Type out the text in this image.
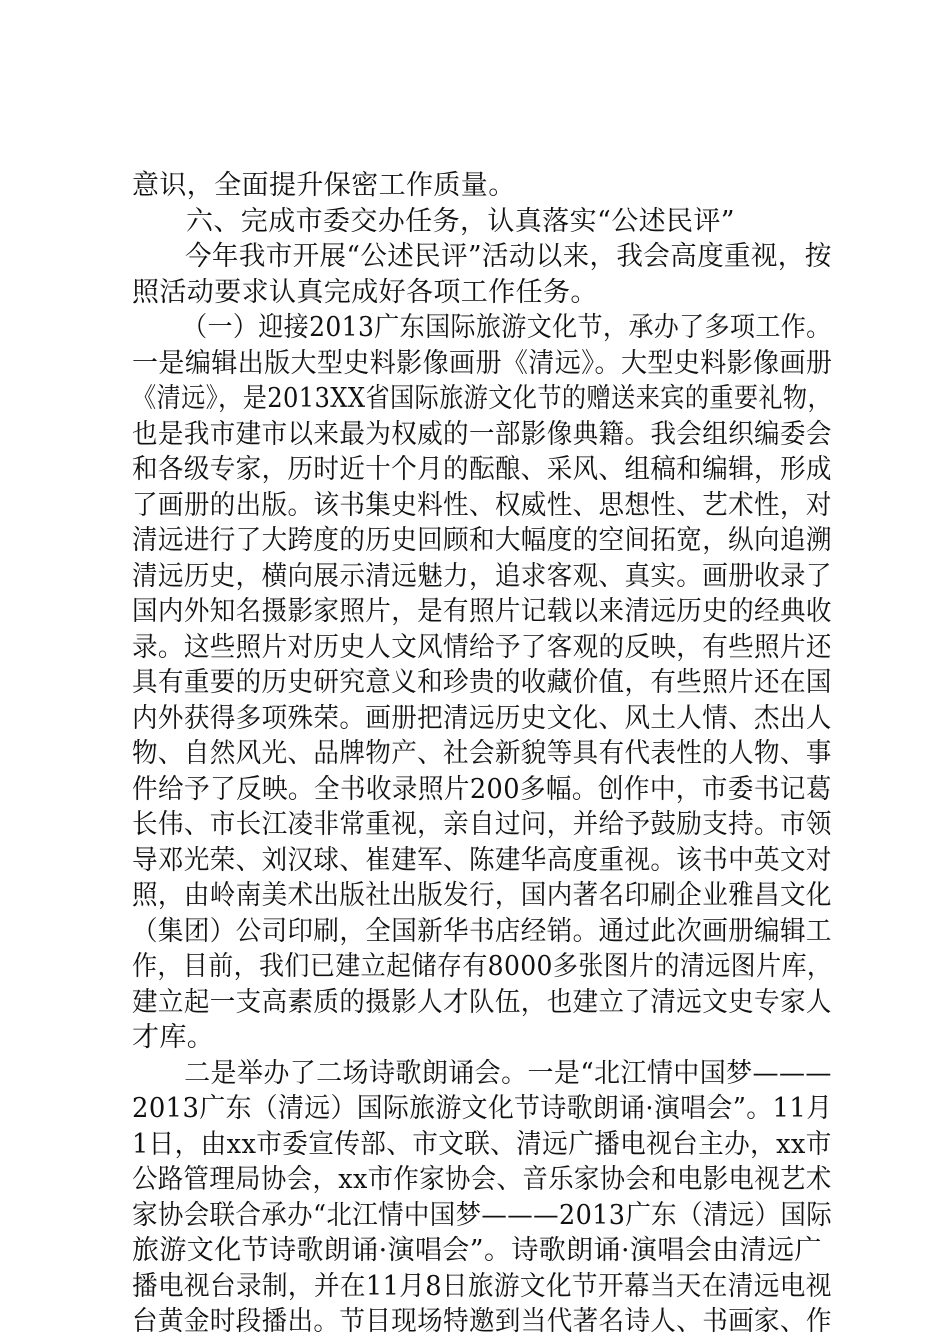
意识，全面提升保密工作质量。
六、完成市委交办任务，认真落实“公述民评”
今年我市开展“公述民评”活动以来，我会高度重视，按
照活动要求认真完成好各项工作任务。
（一）迎接2013广东国际旅游文化节，承办了多项工作。
一是编辑出版大型史料影像画册《清远》。大型史料影像画册
《清远》，是2013XX省国际旅游文化节的赠送来宾的重要礼物，
也是我市建市以来最为权威的一部影像典籍。我会组织编委会
和各级专家，历时近十个月的酝酿、采风、组稿和编辑，形成
了画册的出版。该书集史料性、权威性、思想性、艺术性，对
清远进行了大跨度的历史回顾和大幅度的空间拓宽，纵向追溯
清远历史，横向展示清远魅力，追求客观、真实。画册收录了
国内外知名摄影家照片，是有照片记载以来清远历史的经典收
录。这些照片对历史人文风情给予了客观的反映，有些照片还
具有重要的历史研究意义和珍贵的收藏价值，有些照片还在国
内外获得多项殊荣。画册把清远历史文化、风土人情、杰出人
物、自然风光、品牌物产、社会新貌等具有代表性的人物、事
件给予了反映。全书收录照片200多幅。创作中，市委书记葛
长伟、市长江凌非常重视，亲自过问，并给予鼓励支持。市领
导邓光荣、刘汉球、崔建军、陈建华高度重视。该书中英文对
照，由岭南美术出版社出版发行，国内著名印刷企业雅昌文化
（集团）公司印刷，全国新华书店经销。通过此次画册编辑工
作，目前，我们已建立起储存有8000多张图片的清远图片库，
建立起一支高素质的摄影人才队伍，也建立了清远文史专家人
才库。
二是举办了二场诗歌朗诵会。一是“北江情中国梦———
2013广东（清远）国际旅游文化节诗歌朗诵·演唱会”。11月
1日，由xx市委宣传部、市文联、清远广播电视台主办，xx市
公路管理局协会，xx市作家协会、音乐家协会和电影电视艺术
家协会联合承办“北江情中国梦———2013广东（清远）国际
旅游文化节诗歌朗诵·演唱会”。诗歌朗诵·演唱会由清远广
播电视台录制，并在11月8日旅游文化节开幕当天在清远电视
台黄金时段播出。节目现场特邀到当代著名诗人、书画家、作
